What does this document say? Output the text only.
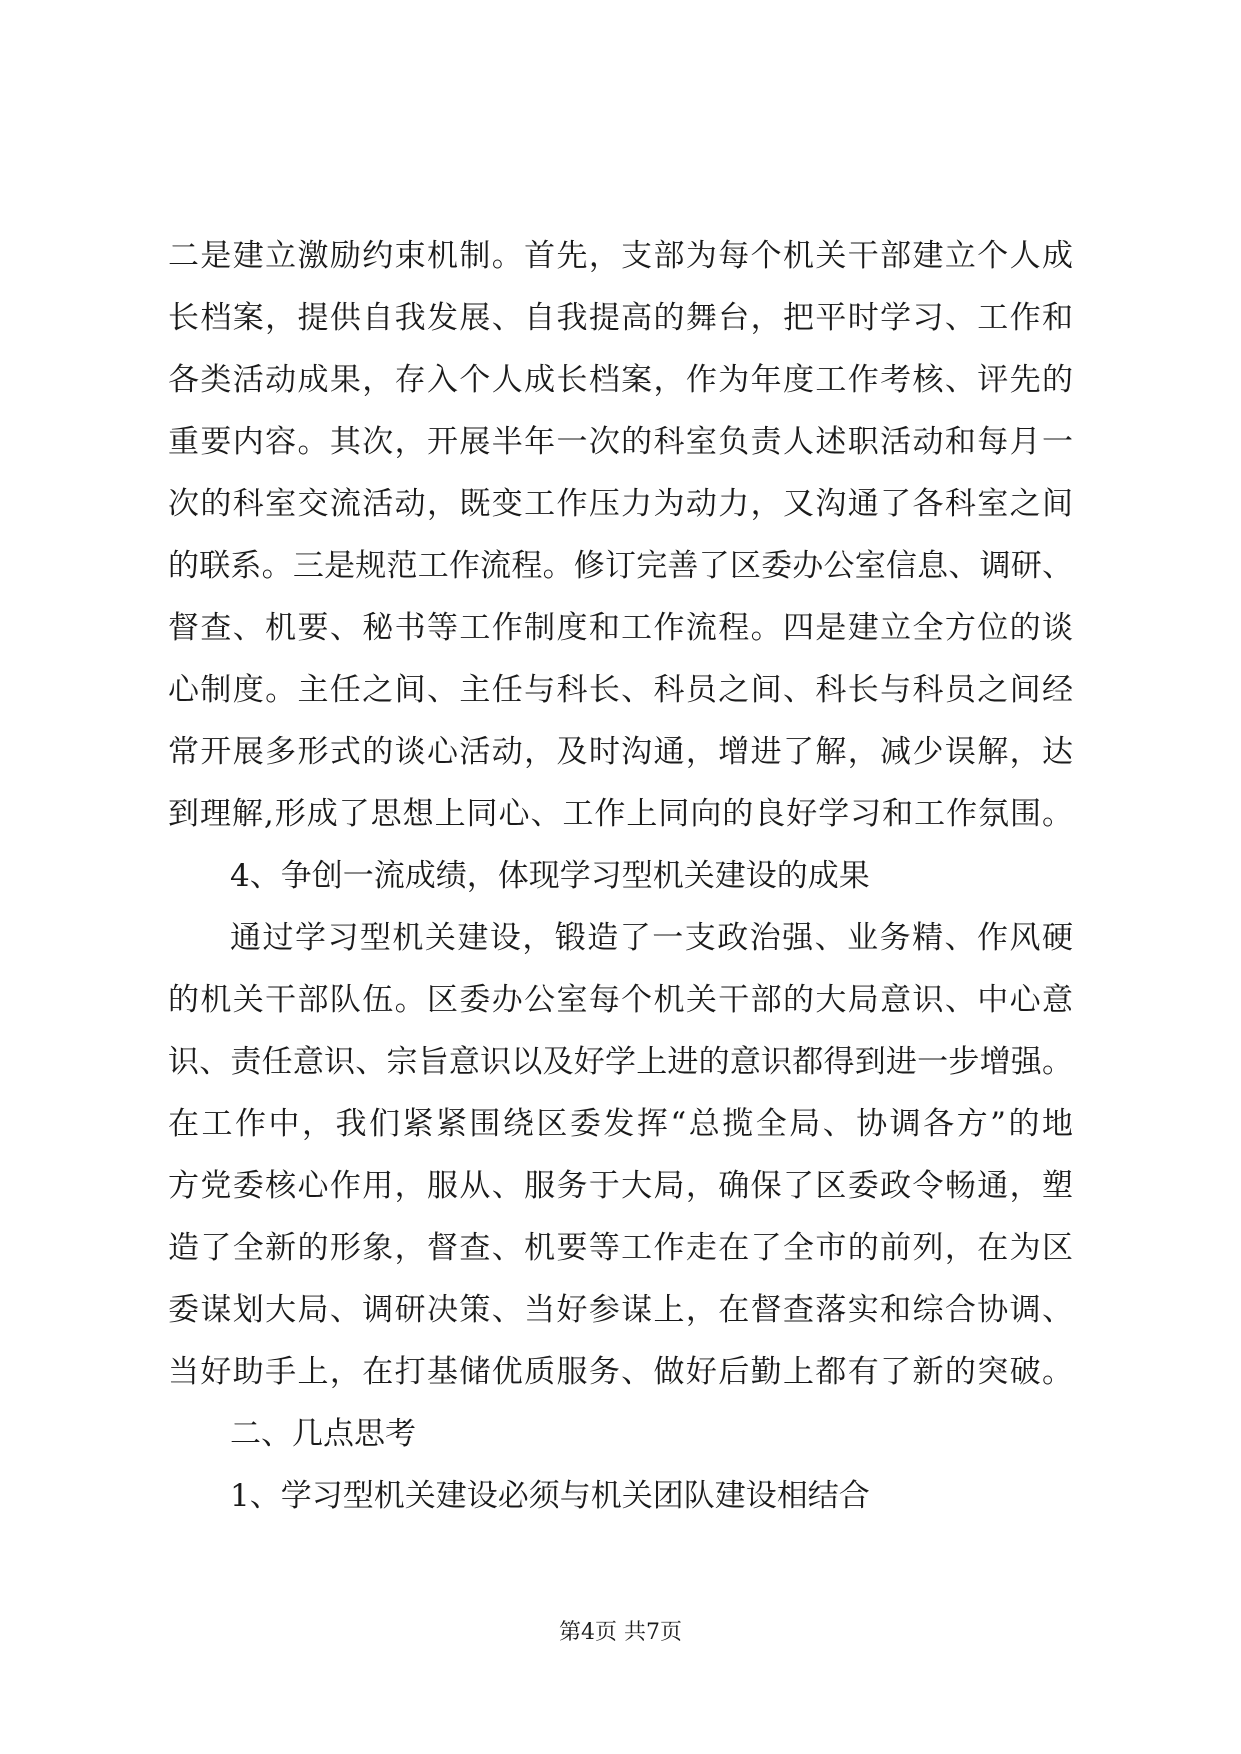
二是建立激励约束机制。首先，支部为每个机关干部建立个人成
长档案，提供自我发展、自我提高的舞台，把平时学习、工作和
各类活动成果，存入个人成长档案，作为年度工作考核、评先的
重要内容。其次，开展半年一次的科室负责人述职活动和每月一
次的科室交流活动，既变工作压力为动力，又沟通了各科室之间
的联系。三是规范工作流程。修订完善了区委办公室信息、调研、
督查、机要、秘书等工作制度和工作流程。四是建立全方位的谈
心制度。主任之间、主任与科长、科员之间、科长与科员之间经
常开展多形式的谈心活动，及时沟通，增进了解，减少误解，达
到理解,形成了思想上同心、工作上同向的良好学习和工作氛围。
4、争创一流成绩，体现学习型机关建设的成果
通过学习型机关建设，锻造了一支政治强、业务精、作风硬
的机关干部队伍。区委办公室每个机关干部的大局意识、中心意
识、责任意识、宗旨意识以及好学上进的意识都得到进一步增强。
在工作中，我们紧紧围绕区委发挥“总揽全局、协调各方”的地
方党委核心作用，服从、服务于大局，确保了区委政令畅通，塑
造了全新的形象，督查、机要等工作走在了全市的前列，在为区
委谋划大局、调研决策、当好参谋上，在督查落实和综合协调、
当好助手上，在打基储优质服务、做好后勤上都有了新的突破。
二、几点思考
1、学习型机关建设必须与机关团队建设相结合
第4页 共7页
